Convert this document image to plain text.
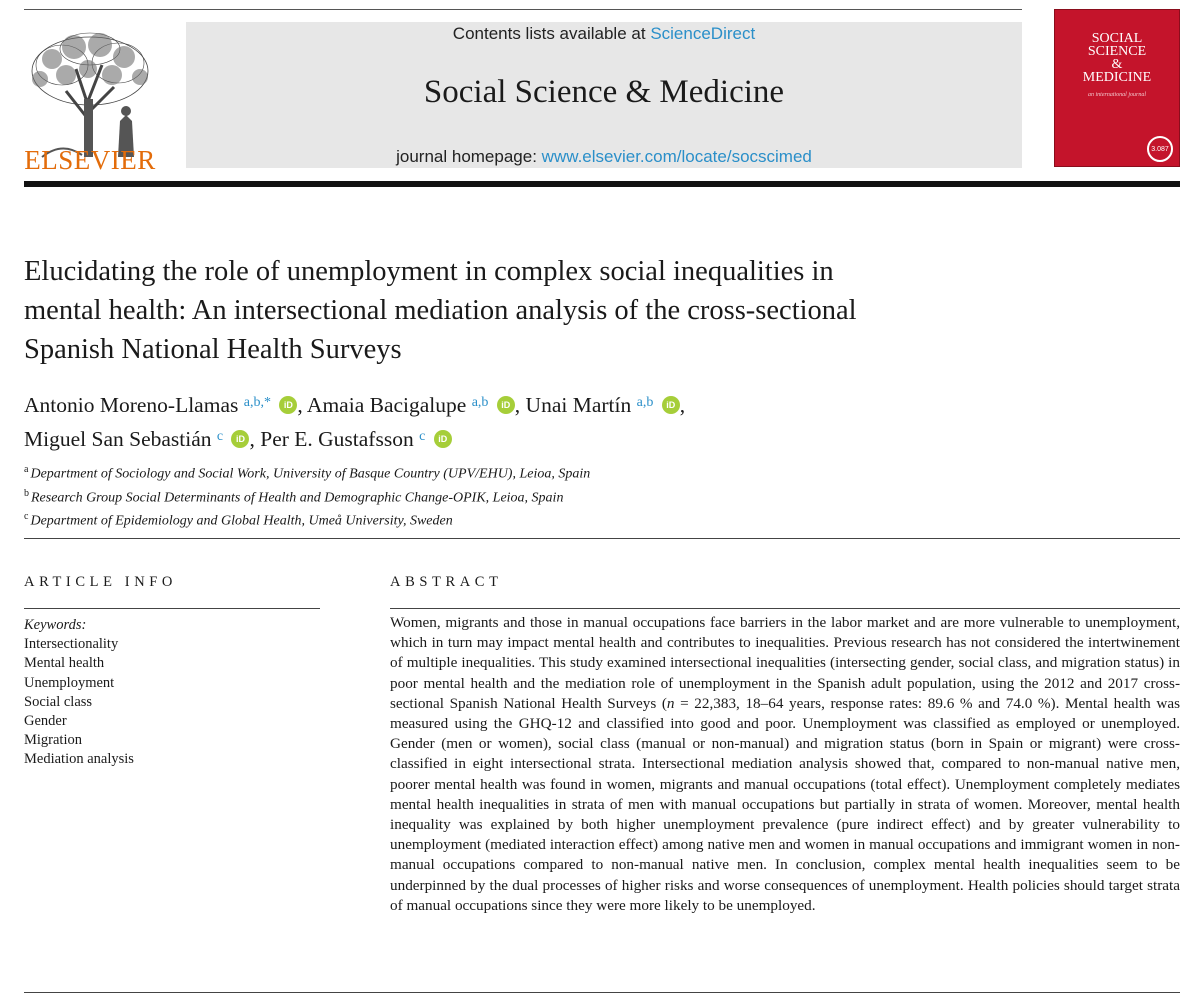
ELSEVIER
Contents lists available at ScienceDirect
Social Science & Medicine
journal homepage: www.elsevier.com/locate/socscimed
SOCIAL
SCIENCE
&
MEDICINE
an international journal
3.087
Elucidating the role of unemployment in complex social inequalities in
mental health: An intersectional mediation analysis of the cross-sectional
Spanish National Health Surveys
Antonio Moreno-Llamas $^{a,b,*}$ iD , Amaia Bacigalupe $^{a,b}$ iD , Unai Martín $^{a,b}$ iD ,
Miguel San Sebastián $^c$ iD , Per E. Gustafsson $^c$ iD
$^a$ Department of Sociology and Social Work, University of Basque Country (UPV/EHU), Leioa, Spain
$^b$ Research Group Social Determinants of Health and Demographic Change-OPIK, Leioa, Spain
$^c$ Department of Epidemiology and Global Health, Umeå University, Sweden
ARTICLE INFO
Keywords:
Intersectionality
Mental health
Unemployment
Social class
Gender
Migration
Mediation analysis
ABSTRACT
Women, migrants and those in manual occupations face barriers in the labor market and are more vulnerable to unemployment, which in turn may impact mental health and contributes to inequalities. Previous research has not considered the intertwinement of multiple inequalities. This study examined intersectional inequalities (intersecting gender, social class, and migration status) in poor mental health and the mediation role of unemployment in the Spanish adult population, using the 2012 and 2017 cross-sectional Spanish National Health Surveys (n = 22,383, 18–64 years, response rates: 89.6 % and 74.0 %). Mental health was measured using the GHQ-12 and classified into good and poor. Unemployment was classified as employed or unemployed. Gender (men or women), social class (manual or non-manual) and migration status (born in Spain or migrant) were cross-classified in eight intersectional strata. Intersectional mediation analysis showed that, compared to non-manual native men, poorer mental health was found in women, migrants and manual occupations (total effect). Unemployment completely mediates mental health inequalities in strata of men with manual occupations but partially in strata of women. Moreover, mental health inequality was explained by both higher unemployment prevalence (pure indirect effect) and by greater vulnerability to unemployment (mediated interaction effect) among native men and women in manual occupations and immigrant women in non-manual occupations compared to non-manual native men. In conclusion, complex mental health inequalities seem to be underpinned by the dual processes of higher risks and worse consequences of unemployment. Health policies should target strata of manual occupations since they were more likely to be unemployed.
